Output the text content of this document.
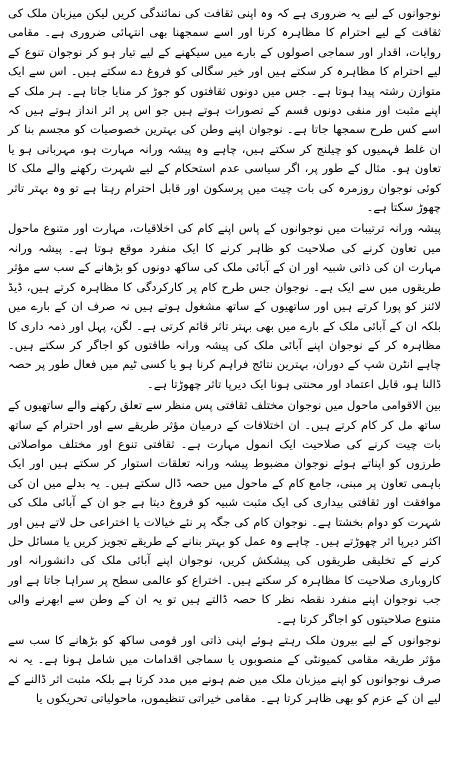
نوجوانوں کے لیے یہ ضروری ہے کہ وہ اپنی ثقافت کی نمائندگی کریں لیکن میزبان ملک کی ثقافت کے لیے احترام کا مظاہرہ کرنا اور اسے سمجھنا بھی انتہائی ضروری ہے۔ مقامی روایات، اقدار اور سماجی اصولوں کے بارے میں سیکھنے کے لیے تیار ہو کر نوجوان تنوع کے لیے احترام کا مظاہرہ کر سکتے ہیں اور خیر سگالی کو فروغ دے سکتے ہیں۔ اس سے ایک متوازن رشتہ پیدا ہوتا ہے۔ جس میں دونوں ثقافتوں کو جوڑ کر منایا جاتا ہے۔ ہر ملک کے اپنے مثبت اور منفی دونوں قسم کے تصورات ہوتے ہیں جو اس پر اثر انداز ہوتے ہیں کہ اسے کس طرح سمجھا جاتا ہے۔ نوجوان اپنے وطن کی بہترین خصوصیات کو مجسم بنا کر ان غلط فہمیوں کو چیلنج کر سکتے ہیں، چاہے وہ پیشہ ورانہ مہارت ہو، مہربانی ہو یا تعاون ہو۔ مثال کے طور پر، اگر سیاسی عدم استحکام کے لیے شہرت رکھنے والے ملک کا کوئی نوجوان روزمرہ کی بات چیت میں پرسکون اور قابل احترام رہتا ہے تو وہ بہتر تاثر چھوڑ سکتا ہے۔

پیشہ ورانہ ترتیبات میں نوجوانوں کے پاس اپنے کام کی اخلاقیات، مہارت اور متنوع ماحول میں تعاون کرنے کی صلاحیت کو ظاہر کرنے کا ایک منفرد موقع ہوتا ہے۔ پیشہ ورانہ مہارت ان کی ذاتی شبیہ اور ان کے آبائی ملک کی ساکھ دونوں کو بڑھانے کے سب سے مؤثر طریقوں میں سے ایک ہے۔ نوجوان جس طرح کام پر کارکردگی کا مظاہرہ کرتے ہیں، ڈیڈ لائنز کو پورا کرتے ہیں اور ساتھیوں کے ساتھ مشغول ہوتے ہیں نہ صرف ان کے بارے میں بلکہ ان کے آبائی ملک کے بارے میں بھی بہتر تاثر قائم کرتی ہے۔ لگن، پہل اور ذمہ داری کا مظاہرہ کر کے نوجوان اپنے آبائی ملک کی پیشہ ورانہ طاقتوں کو اجاگر کر سکتے ہیں۔ چاہے انٹرن شپ کے دوران، بہترین نتائج فراہم کرنا ہو یا کسی ٹیم میں فعال طور پر حصہ ڈالنا ہو، قابل اعتماد اور محنتی ہونا ایک دیرپا تاثر چھوڑتا ہے۔

بین الاقوامی ماحول میں نوجوان مختلف ثقافتی پس منظر سے تعلق رکھنے والے ساتھیوں کے ساتھ مل کر کام کرتے ہیں۔ ان اختلافات کے درمیان مؤثر طریقے سے اور احترام کے ساتھ بات چیت کرنے کی صلاحیت ایک انمول مہارت ہے۔ ثقافتی تنوع اور مختلف مواصلاتی طرزوں کو اپناتے ہوئے نوجوان مضبوط پیشہ ورانہ تعلقات استوار کر سکتے ہیں اور ایک باہمی تعاون پر مبنی، جامع کام کے ماحول میں حصہ ڈال سکتے ہیں۔ یہ بدلے میں ان کی موافقت اور ثقافتی بیداری کی ایک مثبت شبیہ کو فروغ دیتا ہے جو ان کے آبائی ملک کی شہرت کو دوام بخشتا ہے۔ نوجوان کام کی جگہ پر نئے خیالات یا اختراعی حل لاتے ہیں اور اکثر دیرپا اثر چھوڑتے ہیں۔ چاہے وہ عمل کو بہتر بنانے کے طریقے تجویز کریں یا مسائل حل کرنے کے تخلیقی طریقوں کی پیشکش کریں، نوجوان اپنے آبائی ملک کی دانشورانہ اور کاروباری صلاحیت کا مظاہرہ کر سکتے ہیں۔ اختراع کو عالمی سطح پر سراہا جاتا ہے اور جب نوجوان اپنے منفرد نقطہ نظر کا حصہ ڈالتے ہیں تو یہ ان کے وطن سے ابھرنے والی متنوع صلاحیتوں کو اجاگر کرتا ہے۔

نوجوانوں کے لیے بیرون ملک رہتے ہوئے اپنی ذاتی اور قومی ساکھ کو بڑھانے کا سب سے مؤثر طریقہ مقامی کمیونٹی کے منصوبوں یا سماجی اقدامات میں شامل ہونا ہے۔ یہ نہ صرف نوجوانوں کو اپنے میزبان ملک میں ضم ہونے میں مدد کرتا ہے بلکہ مثبت اثر ڈالنے کے لیے ان کے عزم کو بھی ظاہر کرتا ہے۔ مقامی خیراتی تنظیموں، ماحولیاتی تحریکوں یا
